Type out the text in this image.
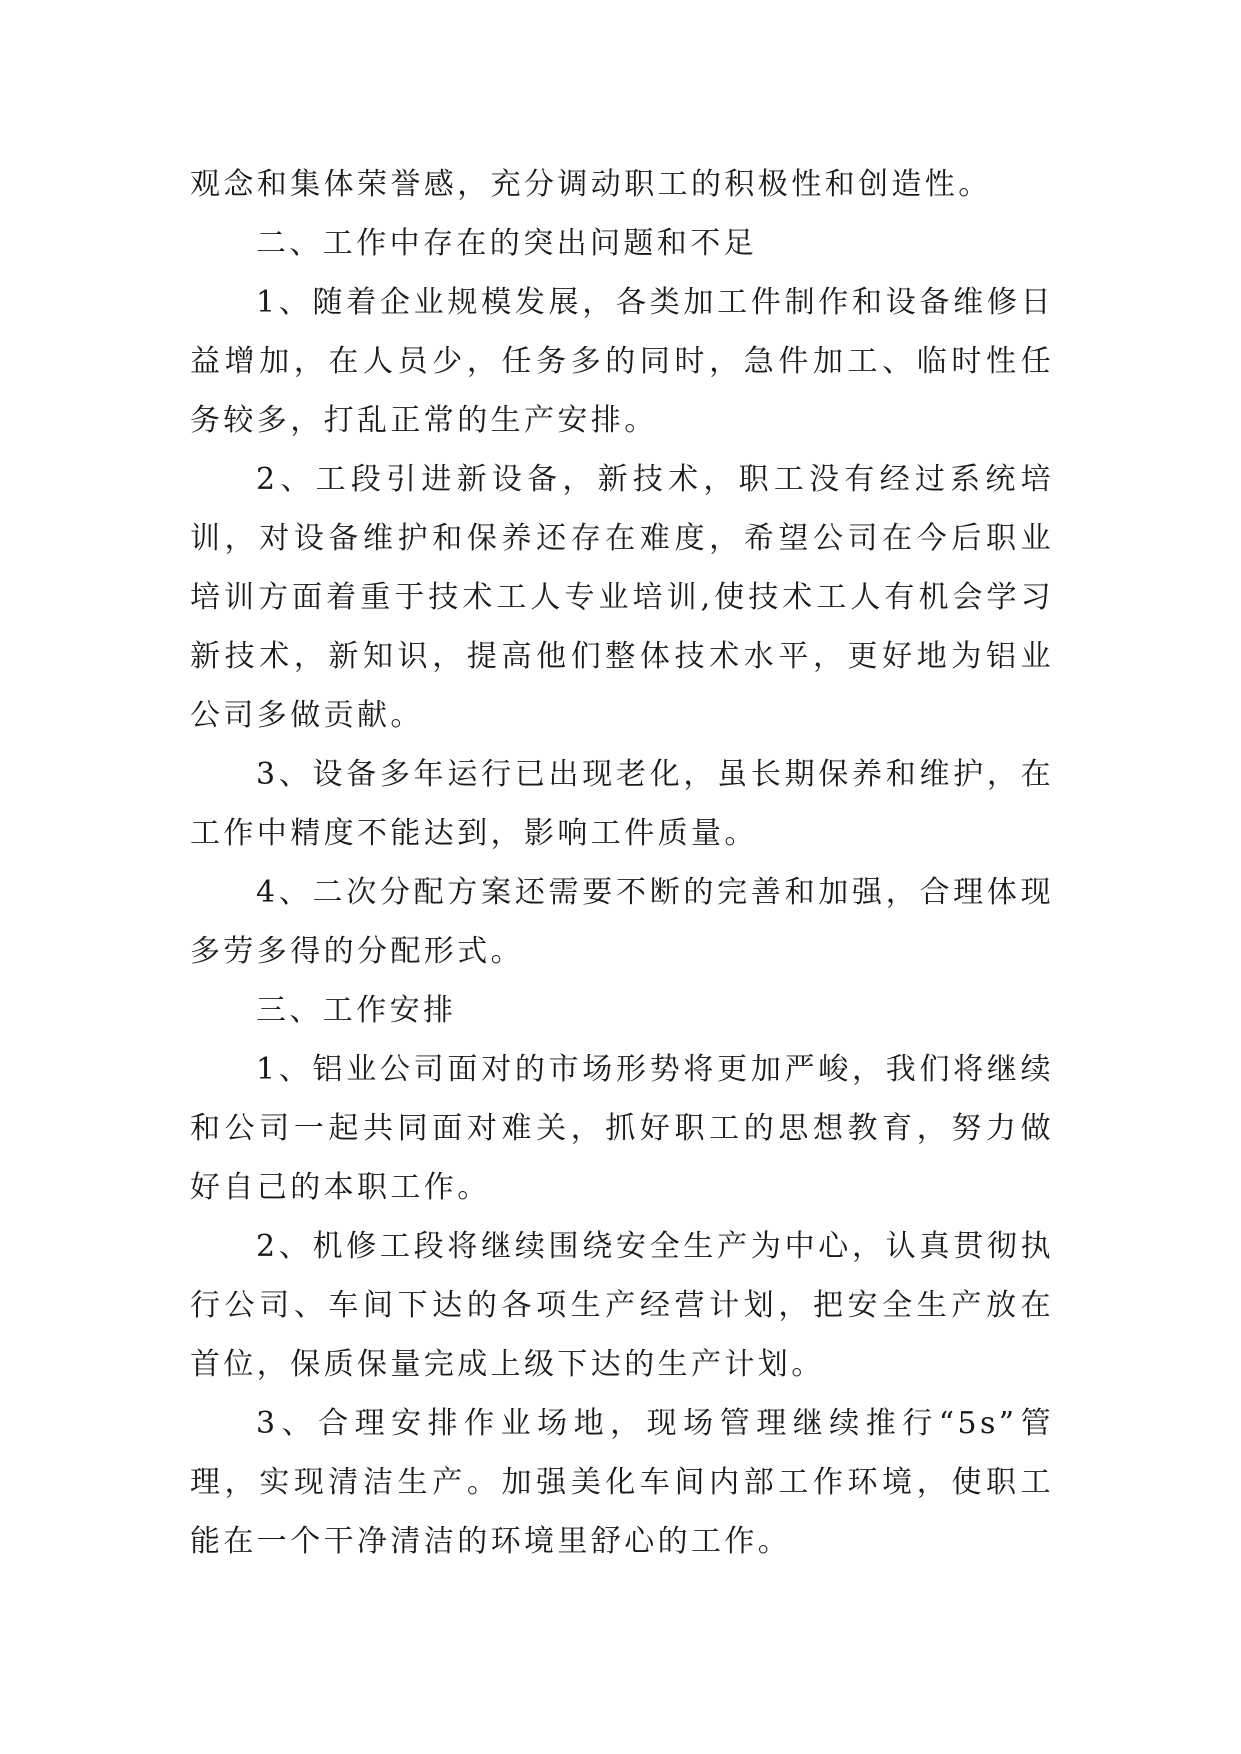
观念和集体荣誉感，充分调动职工的积极性和创造性。

二、工作中存在的突出问题和不足

1、随着企业规模发展，各类加工件制作和设备维修日益增加，在人员少，任务多的同时，急件加工、临时性任务较多，打乱正常的生产安排。

2、工段引进新设备，新技术，职工没有经过系统培训，对设备维护和保养还存在难度，希望公司在今后职业培训方面着重于技术工人专业培训,使技术工人有机会学习新技术，新知识，提高他们整体技术水平，更好地为铝业公司多做贡献。

3、设备多年运行已出现老化，虽长期保养和维护，在工作中精度不能达到，影响工件质量。

4、二次分配方案还需要不断的完善和加强，合理体现多劳多得的分配形式。

三、工作安排

1、铝业公司面对的市场形势将更加严峻，我们将继续和公司一起共同面对难关，抓好职工的思想教育，努力做好自己的本职工作。

2、机修工段将继续围绕安全生产为中心，认真贯彻执行公司、车间下达的各项生产经营计划，把安全生产放在首位，保质保量完成上级下达的生产计划。

3、合理安排作业场地，现场管理继续推行“5s”管理，实现清洁生产。加强美化车间内部工作环境，使职工能在一个干净清洁的环境里舒心的工作。
